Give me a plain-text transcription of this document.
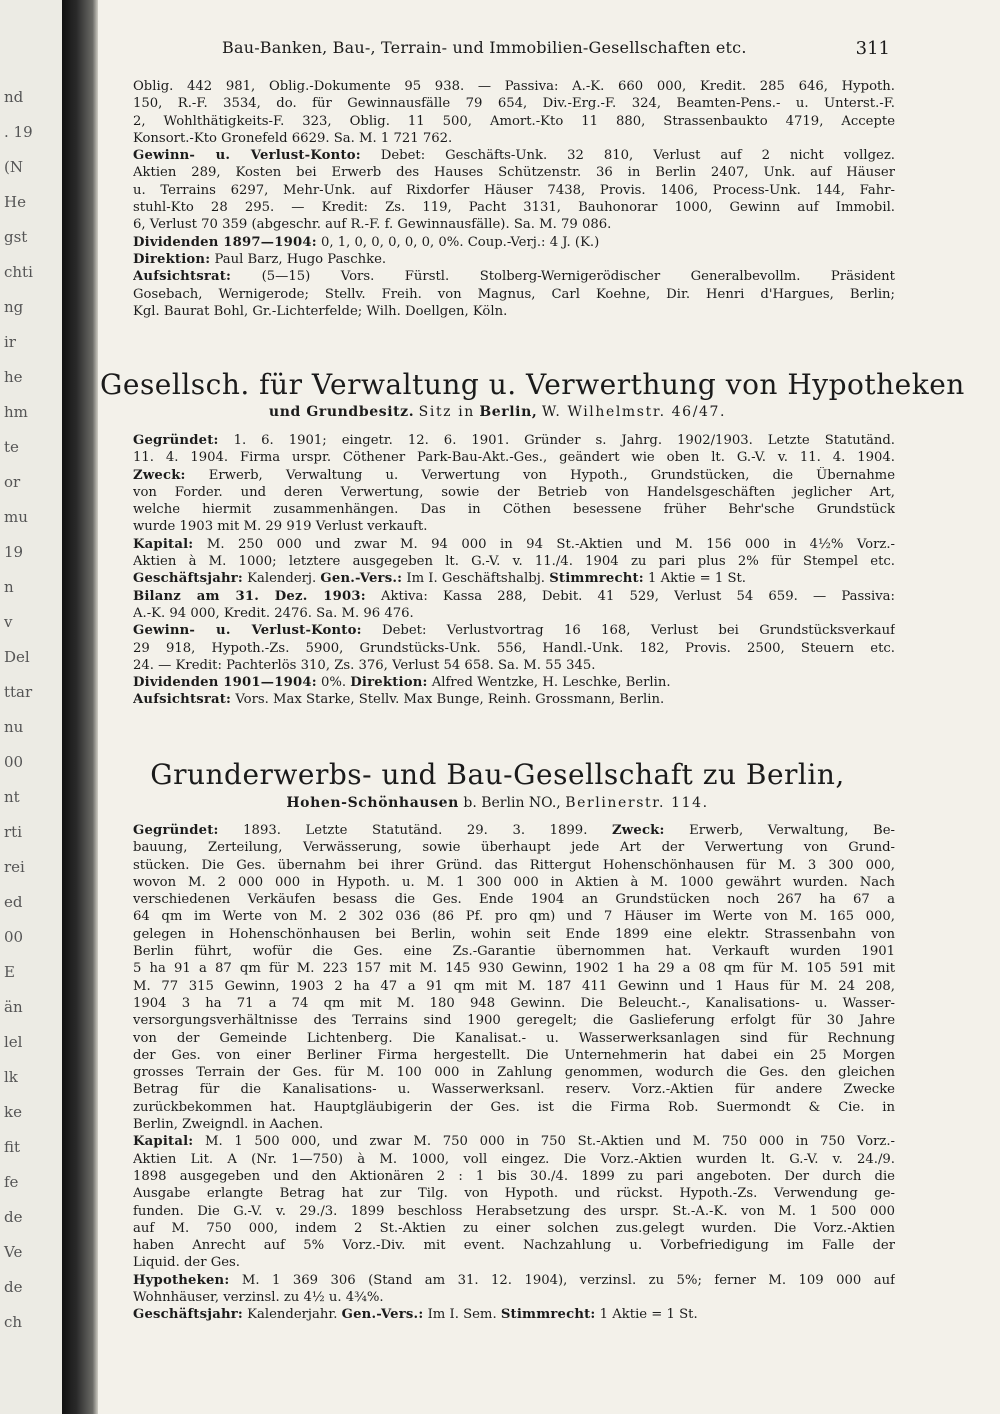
nd
. 19
(N
He
gst
chti
ng
ir
he
hm
te
or
mu
19
n
v
Del
ttar
nu
00
nt
rti
rei
ed
00
E
än
lel
lk
ke
fit
fe
de
Ve
de
ch
Bau-Banken, Bau-, Terrain- und Immobilien-Gesellschaften etc.	311
Oblig. 442 981, Oblig.-Dokumente 95 938. — Passiva: A.-K. 660 000, Kredit. 285 646, Hypoth.
150, R.-F. 3534, do. für Gewinnausfälle 79 654, Div.-Erg.-F. 324, Beamten-Pens.- u. Unterst.-F.
2, Wohlthätigkeits-F. 323, Oblig. 11 500, Amort.-Kto 11 880, Strassenbaukto 4719, Accepte
Konsort.-Kto Gronefeld 6629. Sa. M. 1 721 762.
Gewinn- u. Verlust-Konto: Debet: Geschäfts-Unk. 32 810, Verlust auf 2 nicht vollgez.
Aktien 289, Kosten bei Erwerb des Hauses Schützenstr. 36 in Berlin 2407, Unk. auf Häuser
u. Terrains 6297, Mehr-Unk. auf Rixdorfer Häuser 7438, Provis. 1406, Process-Unk. 144, Fahr-
stuhl-Kto 28 295. — Kredit: Zs. 119, Pacht 3131, Bauhonorar 1000, Gewinn auf Immobil.
6, Verlust 70 359 (abgeschr. auf R.-F. f. Gewinnausfälle). Sa. M. 79 086.
Dividenden 1897—1904: 0, 1, 0, 0, 0, 0, 0, 0%. Coup.-Verj.: 4 J. (K.)
Direktion: Paul Barz, Hugo Paschke.
Aufsichtsrat: (5—15) Vors. Fürstl. Stolberg-Wernigerödischer Generalbevollm. Präsident
Gosebach, Wernigerode; Stellv. Freih. von Magnus, Carl Koehne, Dir. Henri d'Hargues, Berlin;
Kgl. Baurat Bohl, Gr.-Lichterfelde; Wilh. Doellgen, Köln.
Gesellsch. für Verwaltung u. Verwerthung von Hypotheken
und Grundbesitz. Sitz in Berlin, W. Wilhelmstr. 46/47.
Gegründet: 1. 6. 1901; eingetr. 12. 6. 1901. Gründer s. Jahrg. 1902/1903. Letzte Statutänd.
11. 4. 1904. Firma urspr. Cöthener Park-Bau-Akt.-Ges., geändert wie oben lt. G.-V. v. 11. 4. 1904.
Zweck: Erwerb, Verwaltung u. Verwertung von Hypoth., Grundstücken, die Übernahme
von Forder. und deren Verwertung, sowie der Betrieb von Handelsgeschäften jeglicher Art,
welche hiermit zusammenhängen. Das in Cöthen besessene früher Behr'sche Grundstück
wurde 1903 mit M. 29 919 Verlust verkauft.
Kapital: M. 250 000 und zwar M. 94 000 in 94 St.-Aktien und M. 156 000 in 4½% Vorz.-
Aktien à M. 1000; letztere ausgegeben lt. G.-V. v. 11./4. 1904 zu pari plus 2% für Stempel etc.
Geschäftsjahr: Kalenderj. Gen.-Vers.: Im I. Geschäftshalbj. Stimmrecht: 1 Aktie = 1 St.
Bilanz am 31. Dez. 1903: Aktiva: Kassa 288, Debit. 41 529, Verlust 54 659. — Passiva:
A.-K. 94 000, Kredit. 2476. Sa. M. 96 476.
Gewinn- u. Verlust-Konto: Debet: Verlustvortrag 16 168, Verlust bei Grundstücksverkauf
29 918, Hypoth.-Zs. 5900, Grundstücks-Unk. 556, Handl.-Unk. 182, Provis. 2500, Steuern etc.
24. — Kredit: Pachterlös 310, Zs. 376, Verlust 54 658. Sa. M. 55 345.
Dividenden 1901—1904: 0%. Direktion: Alfred Wentzke, H. Leschke, Berlin.
Aufsichtsrat: Vors. Max Starke, Stellv. Max Bunge, Reinh. Grossmann, Berlin.
Grunderwerbs- und Bau-Gesellschaft zu Berlin,
Hohen-Schönhausen b. Berlin NO., Berlinerstr. 114.
Gegründet: 1893. Letzte Statutänd. 29. 3. 1899. Zweck: Erwerb, Verwaltung, Be-
bauung, Zerteilung, Verwässerung, sowie überhaupt jede Art der Verwertung von Grund-
stücken. Die Ges. übernahm bei ihrer Gründ. das Rittergut Hohenschönhausen für M. 3 300 000,
wovon M. 2 000 000 in Hypoth. u. M. 1 300 000 in Aktien à M. 1000 gewährt wurden. Nach
verschiedenen Verkäufen besass die Ges. Ende 1904 an Grundstücken noch 267 ha 67 a
64 qm im Werte von M. 2 302 036 (86 Pf. pro qm) und 7 Häuser im Werte von M. 165 000,
gelegen in Hohenschönhausen bei Berlin, wohin seit Ende 1899 eine elektr. Strassenbahn von
Berlin führt, wofür die Ges. eine Zs.-Garantie übernommen hat. Verkauft wurden 1901
5 ha 91 a 87 qm für M. 223 157 mit M. 145 930 Gewinn, 1902 1 ha 29 a 08 qm für M. 105 591 mit
M. 77 315 Gewinn, 1903 2 ha 47 a 91 qm mit M. 187 411 Gewinn und 1 Haus für M. 24 208,
1904 3 ha 71 a 74 qm mit M. 180 948 Gewinn. Die Beleucht.-, Kanalisations- u. Wasser-
versorgungsverhältnisse des Terrains sind 1900 geregelt; die Gaslieferung erfolgt für 30 Jahre
von der Gemeinde Lichtenberg. Die Kanalisat.- u. Wasserwerksanlagen sind für Rechnung
der Ges. von einer Berliner Firma hergestellt. Die Unternehmerin hat dabei ein 25 Morgen
grosses Terrain der Ges. für M. 100 000 in Zahlung genommen, wodurch die Ges. den gleichen
Betrag für die Kanalisations- u. Wasserwerksanl. reserv. Vorz.-Aktien für andere Zwecke
zurückbekommen hat. Hauptgläubigerin der Ges. ist die Firma Rob. Suermondt & Cie. in
Berlin, Zweigndl. in Aachen.
Kapital: M. 1 500 000, und zwar M. 750 000 in 750 St.-Aktien und M. 750 000 in 750 Vorz.-
Aktien Lit. A (Nr. 1—750) à M. 1000, voll eingez. Die Vorz.-Aktien wurden lt. G.-V. v. 24./9.
1898 ausgegeben und den Aktionären 2 : 1 bis 30./4. 1899 zu pari angeboten. Der durch die
Ausgabe erlangte Betrag hat zur Tilg. von Hypoth. und rückst. Hypoth.-Zs. Verwendung ge-
funden. Die G.-V. v. 29./3. 1899 beschloss Herabsetzung des urspr. St.-A.-K. von M. 1 500 000
auf M. 750 000, indem 2 St.-Aktien zu einer solchen zus.gelegt wurden. Die Vorz.-Aktien
haben Anrecht auf 5% Vorz.-Div. mit event. Nachzahlung u. Vorbefriedigung im Falle der
Liquid. der Ges.
Hypotheken: M. 1 369 306 (Stand am 31. 12. 1904), verzinsl. zu 5%; ferner M. 109 000 auf
Wohnhäuser, verzinsl. zu 4½ u. 4¾%.
Geschäftsjahr: Kalenderjahr. Gen.-Vers.: Im I. Sem. Stimmrecht: 1 Aktie = 1 St.
